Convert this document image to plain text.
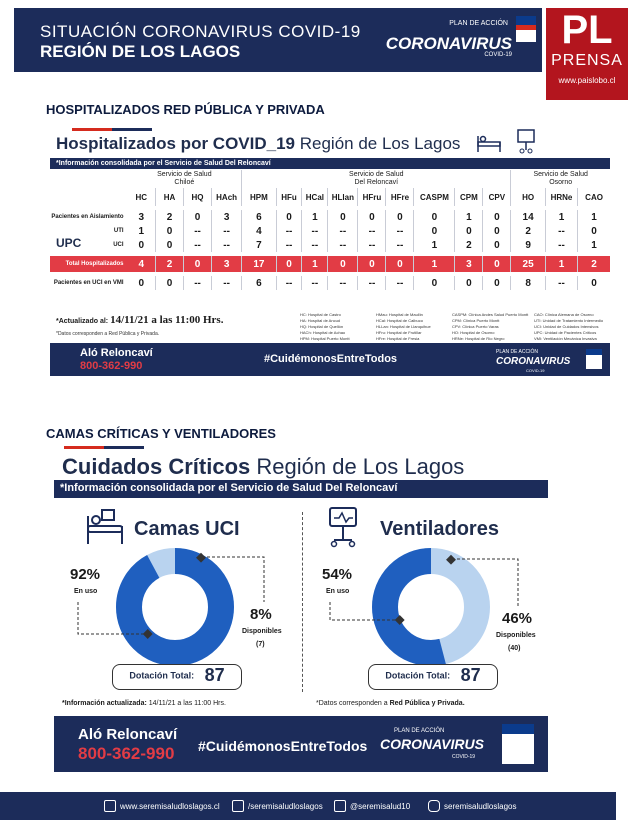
SITUACIÓN CORONAVIRUS COVID-19
REGIÓN DE LOS LAGOS
PLAN DE ACCIÓN
CORONAVIRUS
COVID-19
PL
PRENSA
www.paislobo.cl
HOSPITALIZADOS RED PÚBLICA Y PRIVADA
Hospitalizados por COVID_19 Región de Los Lagos
*Información consolidada por el Servicio de Salud Del Reloncaví
UPC
	Servicio de Salud
Chiloé				Servicio de Salud
Del Reloncaví									Servicio de Salud
Osorno		
	HC	HA	HQ	HAch	HPM	HFu	HCal	HLlan	HFru	HFre	CASPM	CPM	CPV	HO	HRNe	CAO

Pacientes en Aislamiento	3	2	0	3	6	0	1	0	0	0	0	1	0	14	1	1
UTI	1	0	--	--	4	--	--	--	--	--	0	0	0	2	--	0
UCI	0	0	--	--	7	--	--	--	--	--	1	2	0	9	--	1

Total Hospitalizados	4	2	0	3	17	0	1	0	0	0	1	3	0	25	1	2

Pacientes en UCI en VMI	0	0	--	--	6	--	--	--	--	--	0	0	0	8	--	0
*Actualizado al: 14/11/21 a las 11:00 Hrs.
*Datos corresponden a Red Pública y Privada.
HC: Hospital de Castro
HA: Hospital de Ancud
HQ: Hospital de Quellón
HACh: Hospital de Achao
HPM: Hospital Puerto Montt
HMau: Hospital de Maullín
HCal: Hospital de Calbuco
HLLan: Hospital de Llanquihue
HFru: Hospital de Frutillar
HFre: Hospital de Fresia
CASPM: Clínica Andes Salud Puerto Montt
CPM: Clínica Puerto Montt
CPV: Clínica Puerto Varas
HO: Hospital de Osorno
HRNe: Hospital de Río Negro
CAO: Clínica Alemana de Osorno
UTI: Unidad de Tratamiento Intermedio
UCI: Unidad de Cuidados Intensivos
UPC: Unidad de Pacientes Críticos
VMI: Ventilación Mecánica Invasiva
Aló Reloncaví
800-362-990
#CuidémonosEntreTodos
PLAN DE ACCIÓN
CORONAVIRUS
COVID-19
CAMAS CRÍTICAS Y VENTILADORES
Cuidados Críticos Región de Los Lagos
*Información consolidada por el Servicio de Salud Del Reloncaví
Camas UCI
92%
En uso
8%
Disponibles
(7)
Dotación Total: 87
Ventiladores
54%
En uso
46%
Disponibles
(40)
Dotación Total: 87
*Información actualizada: 14/11/21 a las 11:00 Hrs.	*Datos corresponden a Red Pública y Privada.
Aló Reloncaví
800-362-990 #CuidémonosEntreTodos
PLAN DE ACCIÓN
CORONAVIRUS
COVID-19
www.seremisaludloslagos.cl	/seremisaludloslagos	@seremisalud10	seremisaludloslagos
